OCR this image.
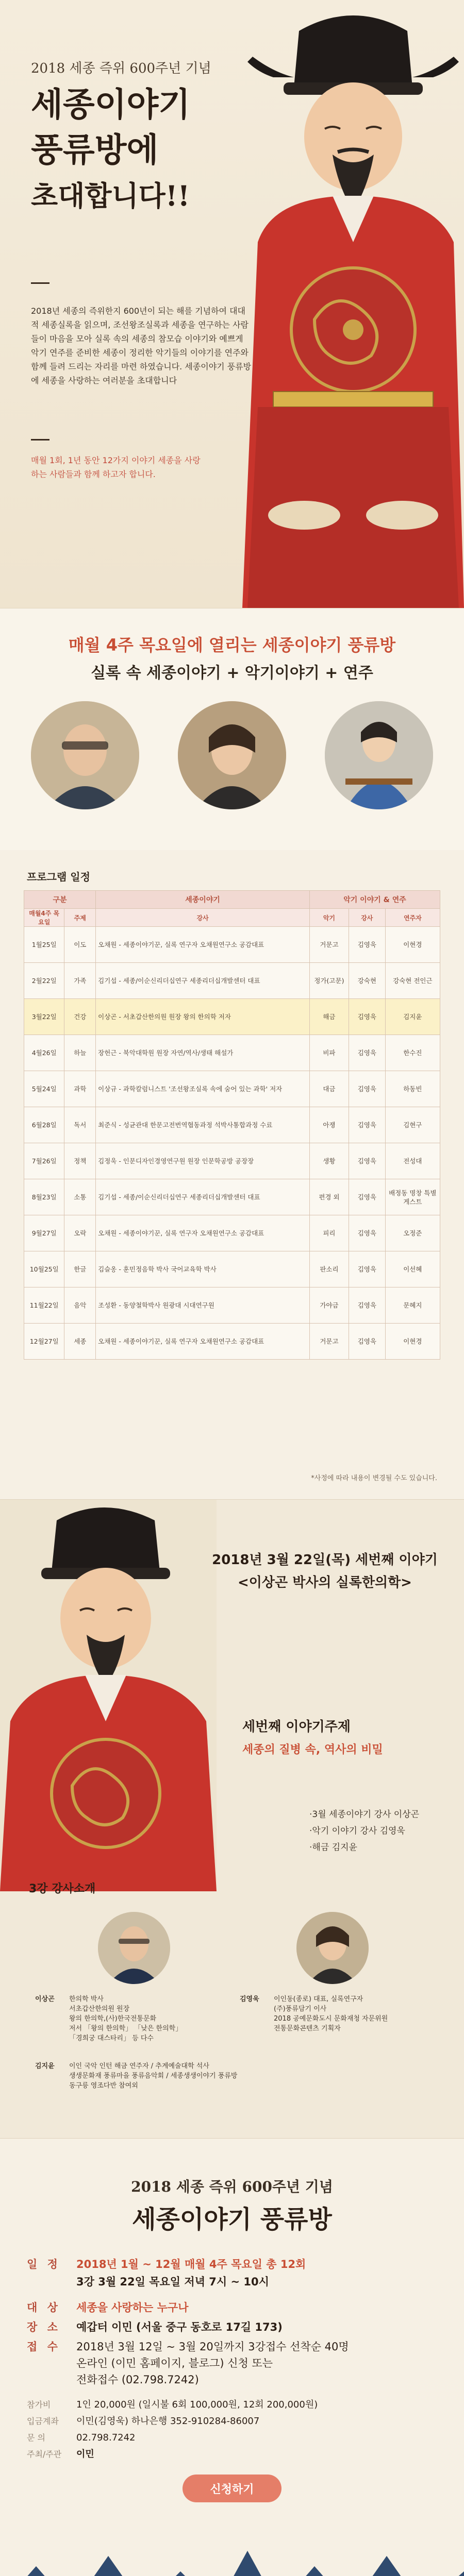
2018 세종 즉위 600주년 기념
세종이야기
풍류방에
초대합니다!!

2018년 세종의 즉위한지 600년이 되는 해를 기념하여 대대적 세종실록을 읽으며, 조선왕조실록과 세종을 연구하는 사람들이 마음을 모아 실록 속의 세종의 참모습 이야기와 예쁘게 악기 연주를 준비한 세종이 정리한 악기들의 이야기를 연주와 함께 들려 드리는 자리를 마련 하였습니다. 세종이야기 풍류방에 세종을 사랑하는 여러분을 초대합니다

매월 1회, 1년 동안 12가지 이야기 세종을 사랑하는 사람들과 함께 하고자 합니다.

매월 4주 목요일에 열리는 세종이야기 풍류방
실록 속 세종이야기 + 악기이야기 + 연주
프로그램 일정
구분		세종이야기	악기 이야기 & 연주		
매월4주 목요일	주제	강사	악기	강사	연주자
1월25일	이도	오채원 - 세종이야기꾼, 실록 연구자 오채원연구소 공감대표	거문고	김영욱	이현경
2월22일	가족	김기섭 - 세종/이순신리더십연구 세종리더십개발센터 대표	정가(고문)	강숙현	강숙현 전인근
3월22일	건강	이상곤 - 서초갑산한의원 원장 왕의 한의학 저자	해금	김영욱	김지윤
4월26일	하늘	장헌근 - 북악대학원 원장 자연/역사/생태 해설가	비파	김영욱	한수진
5월24일	과학	이상규 - 과학칼럼니스트 '조선왕조실록 속에 숨어 있는 과학' 저자	대금	김영욱	하동빈
6월28일	독서	최준식 - 성균관대 한문고전번역협동과정 석박사통합과정 수료	아쟁	김영욱	김현구
7월26일	정책	김정욱 - 인문디자인경영연구원 원장 인문학공방 공장장	생황	김영욱	전성대
8월23일	소통	김기섭 - 세종/이순신리더십연구 세종리더십개발센터 대표	편경 외	김영욱	배정동 명창 특별게스트
9월27일	오락	오채원 - 세종이야기꾼, 실록 연구자 오채원연구소 공감대표	피리	김영욱	오정준
10월25일	한글	김슬옹 - 훈민정음학 박사 국어교육학 박사	판소리	김영욱	이선혜
11월22일	음악	조성환 - 동양철학박사 원광대 시대연구원	가야금	김영욱	문혜지
12월27일	세종	오채원 - 세종이야기꾼, 실록 연구자 오채원연구소 공감대표	거문고	김영욱	이현경
*사정에 따라 내용이 변경될 수도 있습니다.
2018년 3월 22일(목) 세번째 이야기
<이상곤 박사의 실록한의학>
세번째 이야기주제
세종의 질병 속, 역사의 비밀
·3월 세종이야기 강사 이상곤
·악기 이야기 강사 김영욱
·해금 김지윤
3강 강사소개
이상곤	한의학 박사
서초갑산한의원 원장
왕의 한의학,(사)한국전통문화
저서 「왕의 한의학」 「낮은 한의학」
「경희궁 대스타리」 등 다수
김영욱	이인동(종로) 대표, 실록연구자
(주)풍류담기 이사
2018 공예문화도시 문화재청 자문위원
전통문화콘텐츠 기획자
김지윤	이인 국악 인턴 해금 연주자 / 추계예술대학 석사
생생문화재 풍류마을 풍류음악회 / 세종생생이야기 풍류방
동구릉 영조다반 참여외
2018 세종 즉위 600주년 기념
세종이야기 풍류방
일 정	2018년 1월 ~ 12월 매월 4주 목요일 총 12회
3강 3월 22일 목요일 저녁 7시 ~ 10시
대 상	세종을 사랑하는 누구나
장 소	예갑터 이민 (서울 중구 동호로 17길 173)
접 수	2018년 3월 12일 ~ 3월 20일까지 3강접수 선착순 40명
온라인 (이민 홈페이지, 블로그) 신청 또는
전화접수 (02.798.7242)
참가비	1인 20,000원 (일시불 6회 100,000원, 12회 200,000원)
입금계좌	이민(김영욱) 하나은행 352-910284-86007
문 의	02.798.7242
주최/주관	이민
신청하기
